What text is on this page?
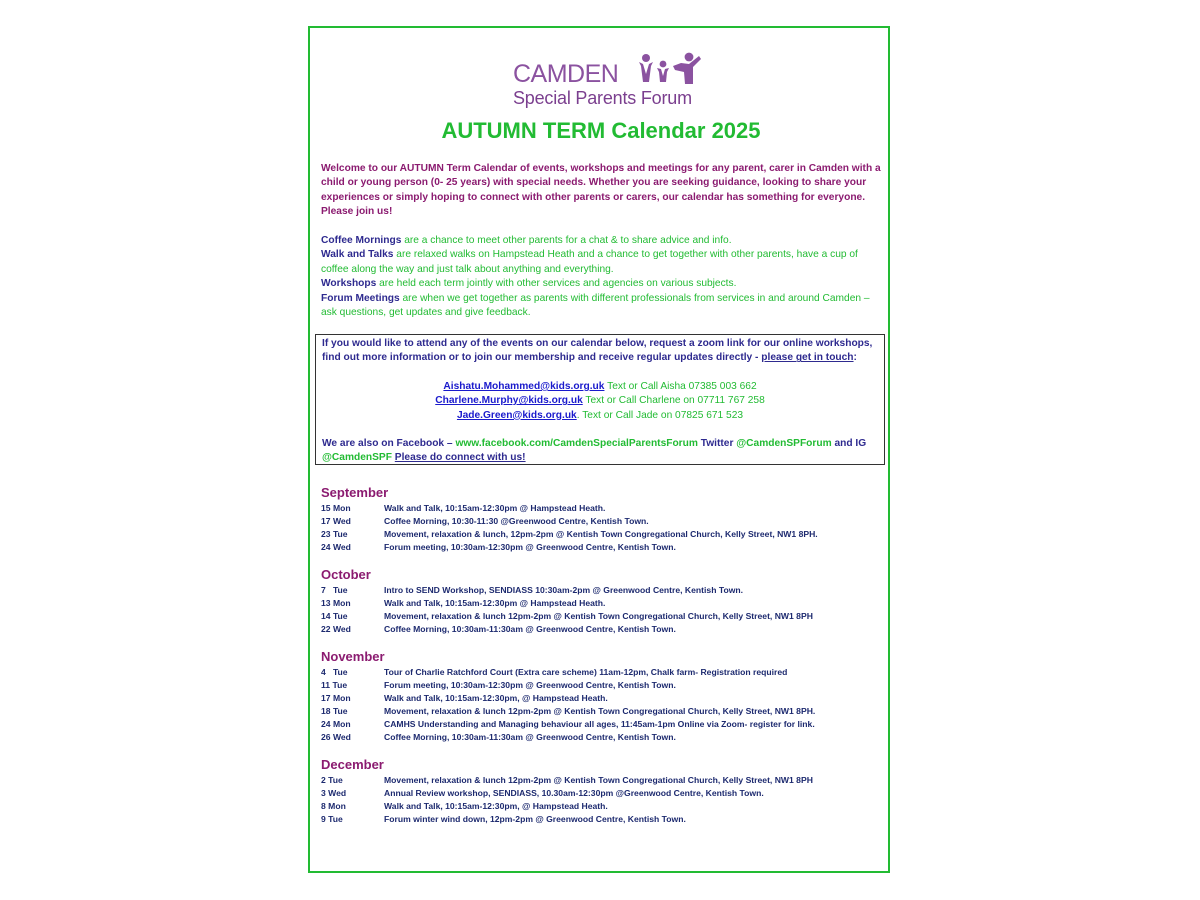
CAMDEN
Special Parents Forum
AUTUMN TERM Calendar 2025

Welcome to our AUTUMN Term Calendar of events, workshops and meetings for any parent, carer in Camden with a child or young person (0- 25 years) with special needs. Whether you are seeking guidance, looking to share your experiences or simply hoping to connect with other parents or carers, our calendar has something for everyone. Please join us!

Coffee Mornings are a chance to meet other parents for a chat & to share advice and info.

Walk and Talks are relaxed walks on Hampstead Heath and a chance to get together with other parents, have a cup of coffee along the way and just talk about anything and everything.

Workshops are held each term jointly with other services and agencies on various subjects.

Forum Meetings are when we get together as parents with different professionals from services in and around Camden – ask questions, get updates and give feedback.

If you would like to attend any of the events on our calendar below, request a zoom link for our online workshops, find out more information or to join our membership and receive regular updates directly - please get in touch:

Aishatu.Mohammed@kids.org.uk Text or Call Aisha 07385 003 662
Charlene.Murphy@kids.org.uk Text or Call Charlene on 07711 767 258
Jade.Green@kids.org.uk. Text or Call Jade on 07825 671 523
We are also on Facebook – www.facebook.com/CamdenSpecialParentsForum Twitter @CamdenSPForum and IG
@CamdenSPF Please do connect with us!

September

15 Mon	Walk and Talk, 10:15am-12:30pm @ Hampstead Heath.
17 Wed	Coffee Morning, 10:30-11:30 @Greenwood Centre, Kentish Town.
23 Tue	Movement, relaxation & lunch, 12pm-2pm @ Kentish Town Congregational Church, Kelly Street, NW1 8PH.
24 Wed	Forum meeting, 10:30am-12:30pm @ Greenwood Centre, Kentish Town.

October

7   Tue	Intro to SEND Workshop, SENDIASS 10:30am-2pm @ Greenwood Centre, Kentish Town.
13 Mon	Walk and Talk, 10:15am-12:30pm @ Hampstead Heath.
14 Tue	Movement, relaxation & lunch 12pm-2pm @ Kentish Town Congregational Church, Kelly Street, NW1 8PH
22 Wed	Coffee Morning, 10:30am-11:30am @ Greenwood Centre, Kentish Town.

November

4   Tue	Tour of Charlie Ratchford Court (Extra care scheme) 11am-12pm, Chalk farm- Registration required
11 Tue	Forum meeting, 10:30am-12:30pm @ Greenwood Centre, Kentish Town.
17 Mon	Walk and Talk, 10:15am-12:30pm, @ Hampstead Heath.
18 Tue	Movement, relaxation & lunch 12pm-2pm @ Kentish Town Congregational Church, Kelly Street, NW1 8PH.
24 Mon	CAMHS Understanding and Managing behaviour all ages, 11:45am-1pm Online via Zoom- register for link.
26 Wed	Coffee Morning, 10:30am-11:30am @ Greenwood Centre, Kentish Town.

December

2 Tue	Movement, relaxation & lunch 12pm-2pm @ Kentish Town Congregational Church, Kelly Street, NW1 8PH
3 Wed	Annual Review workshop, SENDIASS, 10.30am-12:30pm @Greenwood Centre, Kentish Town.
8 Mon	Walk and Talk, 10:15am-12:30pm, @ Hampstead Heath.
9 Tue	Forum winter wind down, 12pm-2pm @ Greenwood Centre, Kentish Town.
